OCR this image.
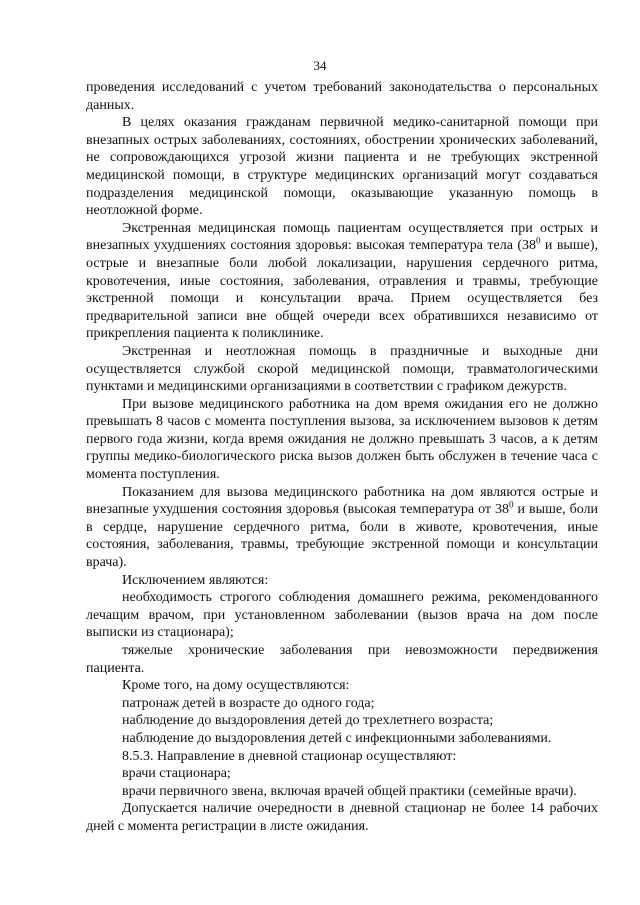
34

проведения исследований с учетом требований законодательства о персональных данных.

В целях оказания гражданам первичной медико-санитарной помощи при внезапных острых заболеваниях, состояниях, обострении хронических заболеваний, не сопровождающихся угрозой жизни пациента и не требующих экстренной медицинской помощи, в структуре медицинских организаций могут создаваться подразделения медицинской помощи, оказывающие указанную помощь в неотложной форме.

Экстренная медицинская помощь пациентам осуществляется при острых и внезапных ухудшениях состояния здоровья: высокая температура тела ($38^0$ и выше), острые и внезапные боли любой локализации, нарушения сердечного ритма, кровотечения, иные состояния, заболевания, отравления и травмы, требующие экстренной помощи и консультации врача. Прием осуществляется без предварительной записи вне общей очереди всех обратившихся независимо от прикрепления пациента к поликлинике.

Экстренная и неотложная помощь в праздничные и выходные дни осуществляется службой скорой медицинской помощи, травматологическими пунктами и медицинскими организациями в соответствии с графиком дежурств.

При вызове медицинского работника на дом время ожидания его не должно превышать 8 часов с момента поступления вызова, за исключением вызовов к детям первого года жизни, когда время ожидания не должно превышать 3 часов, а к детям группы медико-биологического риска вызов должен быть обслужен в течение часа с момента поступления.

Показанием для вызова медицинского работника на дом являются острые и внезапные ухудшения состояния здоровья (высокая температура от $38^0$ и выше, боли в сердце, нарушение сердечного ритма, боли в животе, кровотечения, иные состояния, заболевания, травмы, требующие экстренной помощи и консультации врача).

Исключением являются:

необходимость строгого соблюдения домашнего режима, рекомендованного лечащим врачом, при установленном заболевании (вызов врача на дом после выписки из стационара);

тяжелые хронические заболевания при невозможности передвижения пациента.

Кроме того, на дому осуществляются:

патронаж детей в возрасте до одного года;

наблюдение до выздоровления детей до трехлетнего возраста;

наблюдение до выздоровления детей с инфекционными заболеваниями.

8.5.3. Направление в дневной стационар осуществляют:

врачи стационара;

врачи первичного звена, включая врачей общей практики (семейные врачи).

Допускается наличие очередности в дневной стационар не более 14 рабочих дней с момента регистрации в листе ожидания.
